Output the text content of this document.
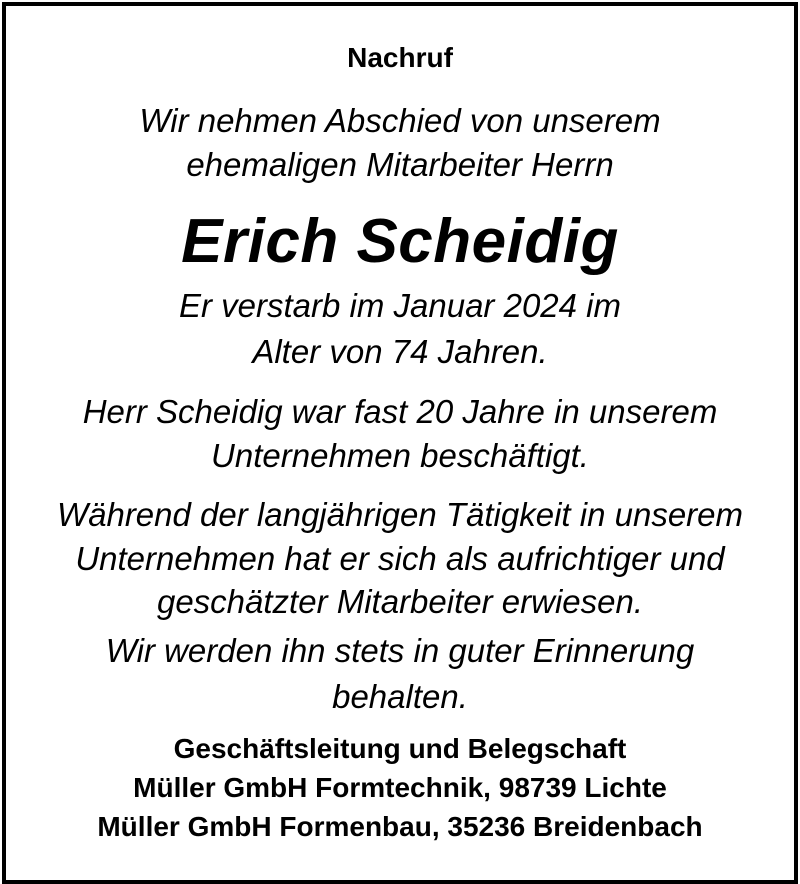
Nachruf
Wir nehmen Abschied von unserem
ehemaligen Mitarbeiter Herrn
Erich Scheidig
Er verstarb im Januar 2024 im
Alter von 74 Jahren.
Herr Scheidig war fast 20 Jahre in unserem
Unternehmen beschäftigt.
Während der langjährigen Tätigkeit in unserem
Unternehmen hat er sich als aufrichtiger und
geschätzter Mitarbeiter erwiesen.
Wir werden ihn stets in guter Erinnerung
behalten.
Geschäftsleitung und Belegschaft
Müller GmbH Formtechnik, 98739 Lichte
Müller GmbH Formenbau, 35236 Breidenbach
